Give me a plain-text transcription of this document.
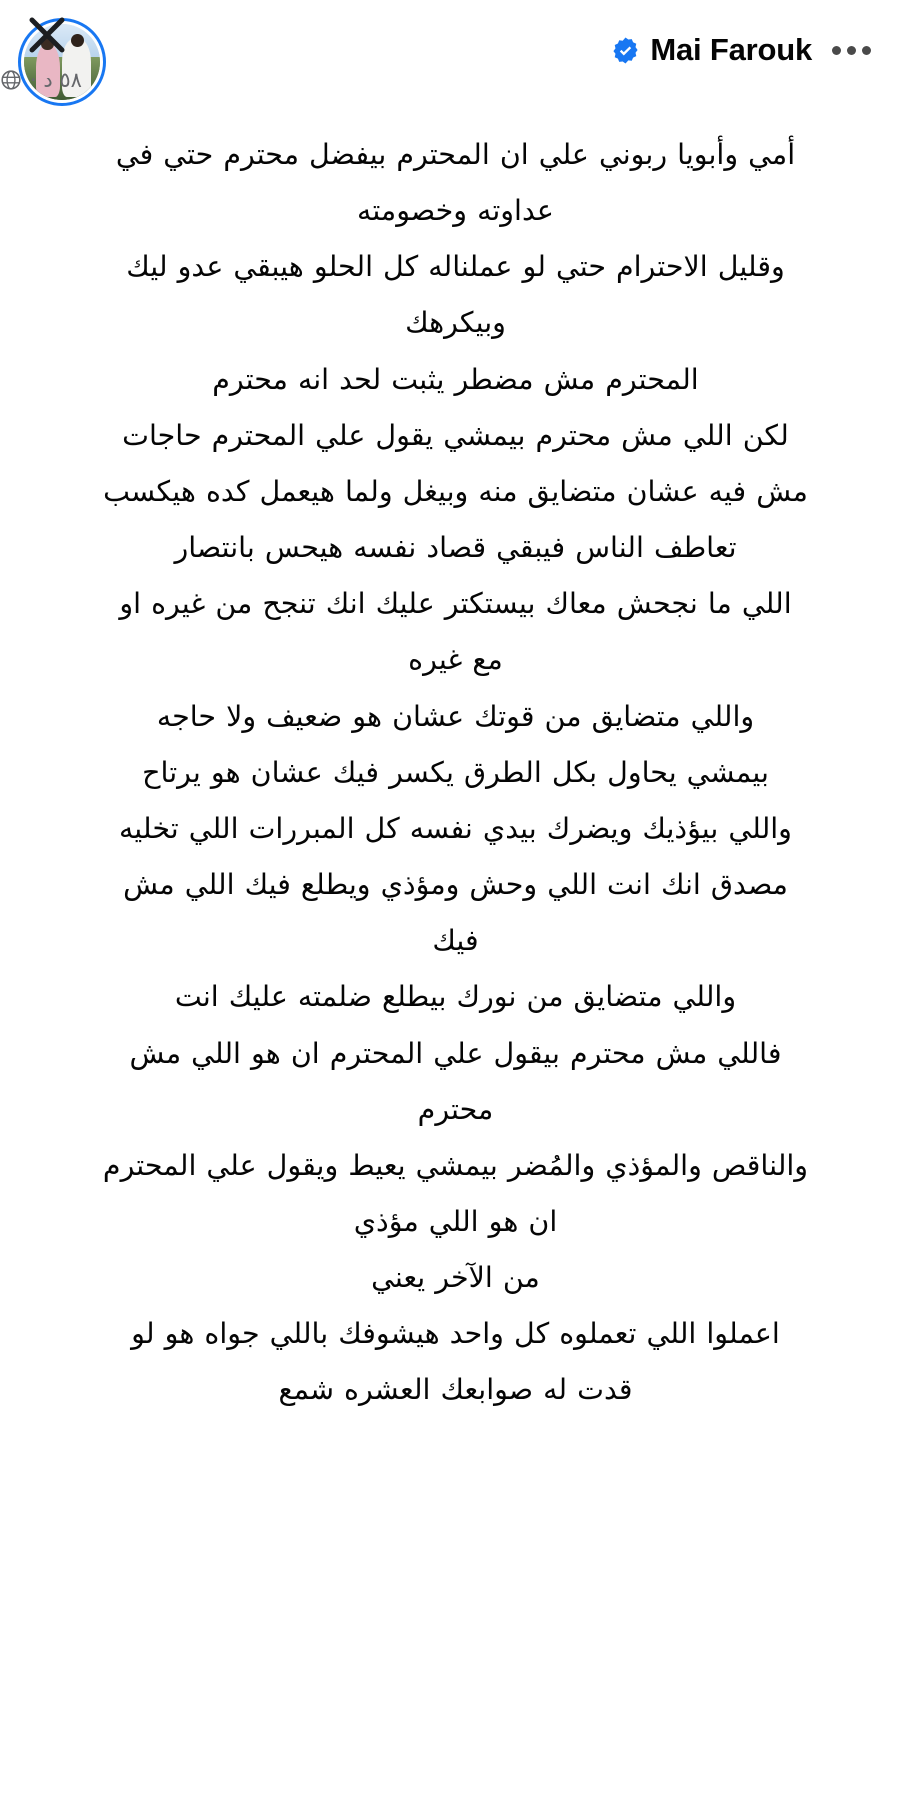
Mai Farouk
٥٨ د ·

أمي وأبويا ربوني علي ان المحترم بيفضل محترم حتي في

عداوته وخصومته

وقليل الاحترام حتي لو عملناله كل الحلو هيبقي عدو ليك

وبيكرهك

المحترم مش مضطر يثبت لحد انه محترم

لكن اللي مش محترم بيمشي يقول علي المحترم حاجات

مش فيه عشان متضايق منه وبيغل ولما هيعمل كده هيكسب

تعاطف الناس فيبقي قصاد نفسه هيحس بانتصار

اللي ما نجحش معاك بيستكتر عليك انك تنجح من غيره او

مع غيره

واللي متضايق من قوتك عشان هو ضعيف ولا حاجه

بيمشي يحاول بكل الطرق يكسر فيك عشان هو يرتاح

واللي بيؤذيك ويضرك بيدي نفسه كل المبررات اللي تخليه

مصدق انك انت اللي وحش ومؤذي ويطلع فيك اللي مش

فيك

واللي متضايق من نورك بيطلع ضلمته عليك انت

فاللي مش محترم بيقول علي المحترم ان هو اللي مش

محترم

والناقص والمؤذي والمُضر بيمشي يعيط ويقول علي المحترم

ان هو اللي مؤذي

من الآخر يعني

اعملوا اللي تعملوه كل واحد هيشوفك باللي جواه هو لو

قدت له صوابعك العشره شمع
